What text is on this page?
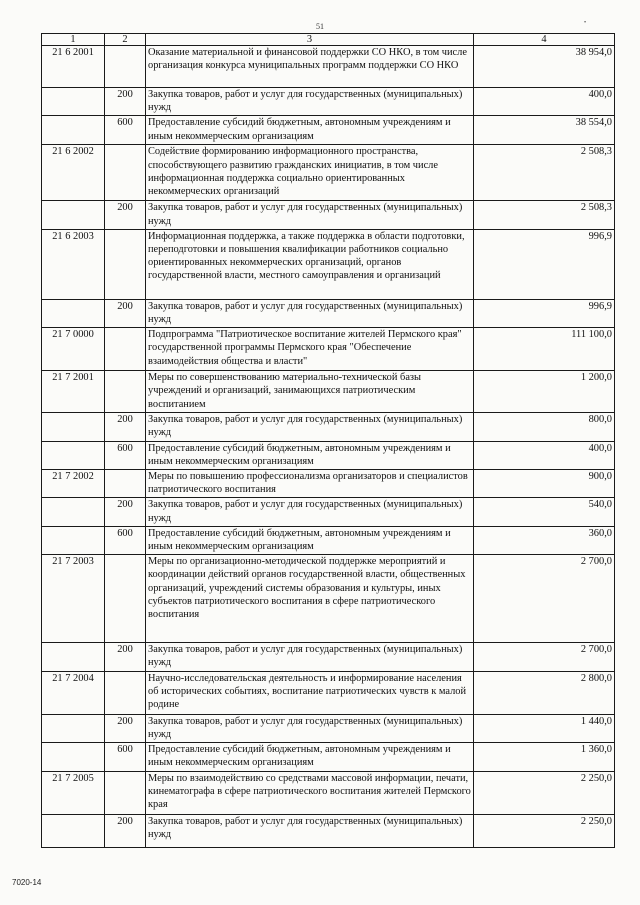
51	•
1	2	3	4
21 6 2001		Оказание материальной и финансовой поддержки СО НКО, в том числе организация конкурса муниципальных программ поддержки СО НКО	38 954,0
	200	Закупка товаров, работ и услуг для государственных (муниципальных) нужд	400,0
	600	Предоставление субсидий бюджетным, автономным учреждениям и иным некоммерческим организациям	38 554,0
21 6 2002		Содействие формированию информационного пространства, способствующего развитию гражданских инициатив, в том числе информационная поддержка социально ориентированных некоммерческих организаций	2 508,3
	200	Закупка товаров, работ и услуг для государственных (муниципальных) нужд	2 508,3
21 6 2003		Информационная поддержка, а также поддержка в области подготовки, переподготовки и повышения квалификации работников социально ориентированных некоммерческих организаций, органов государственной власти, местного самоуправления и организаций	996,9
	200	Закупка товаров, работ и услуг для государственных (муниципальных) нужд	996,9
21 7 0000		Подпрограмма "Патриотическое воспитание жителей Пермского края" государственной программы Пермского края "Обеспечение взаимодействия общества и власти"	111 100,0
21 7 2001		Меры по совершенствованию материально-технической базы учреждений и организаций, занимающихся патриотическим воспитанием	1 200,0
	200	Закупка товаров, работ и услуг для государственных (муниципальных) нужд	800,0
	600	Предоставление субсидий бюджетным, автономным учреждениям и иным некоммерческим организациям	400,0
21 7 2002		Меры по повышению профессионализма организаторов и специалистов патриотического воспитания	900,0
	200	Закупка товаров, работ и услуг для государственных (муниципальных) нужд	540,0
	600	Предоставление субсидий бюджетным, автономным учреждениям и иным некоммерческим организациям	360,0
21 7 2003		Меры по организационно-методической поддержке мероприятий и координации действий органов государственной власти, общественных организаций, учреждений системы образования и культуры, иных субъектов патриотического воспитания в сфере патриотического воспитания	2 700,0
	200	Закупка товаров, работ и услуг для государственных (муниципальных) нужд	2 700,0
21 7 2004		Научно-исследовательская деятельность и информирование населения об исторических событиях, воспитание патриотических чувств к малой родине	2 800,0
	200	Закупка товаров, работ и услуг для государственных (муниципальных) нужд	1 440,0
	600	Предоставление субсидий бюджетным, автономным учреждениям и иным некоммерческим организациям	1 360,0
21 7 2005		Меры по взаимодействию со средствами массовой информации, печати, кинематографа в сфере патриотического воспитания жителей Пермского края	2 250,0
	200	Закупка товаров, работ и услуг для государственных (муниципальных) нужд	2 250,0
7020-14
